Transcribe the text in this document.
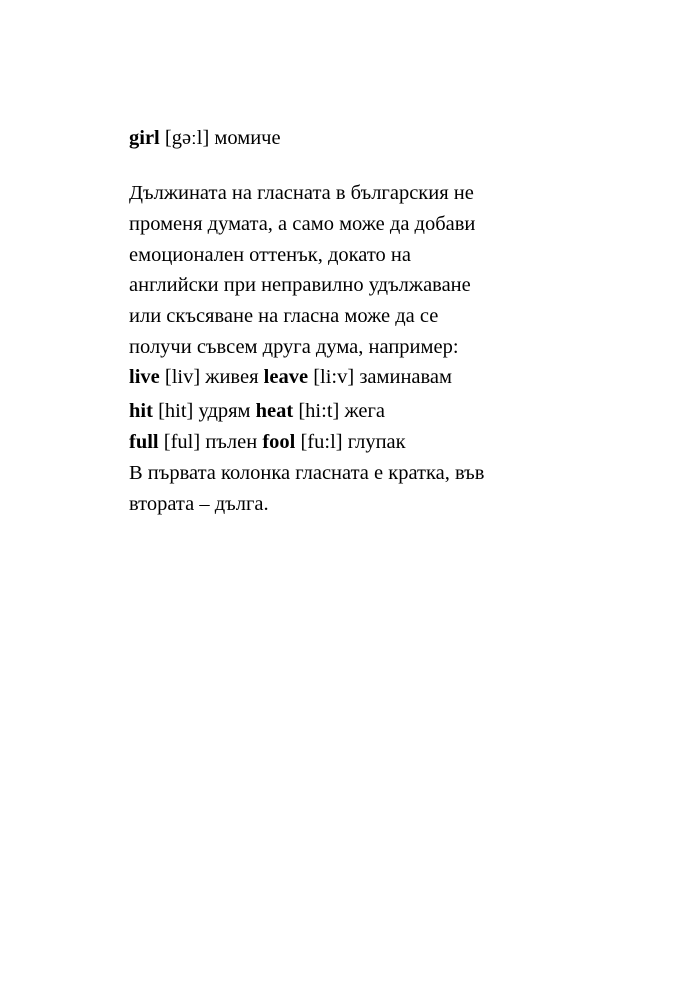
girl [gəːl] момиче

Дължината на гласната в българския не
променя думата, а само може да добави
емоционален оттенък, докато на
английски при неправилно удължаване
или скъсяване на гласна може да се
получи съвсем друга дума, например:

live [liv] живея leave [li:v] заминавам

hit [hit] удрям heat [hi:t] жега

full [ful] пълен fool [fu:l] глупак

В първата колонка гласната е кратка, във
втората – дълга.
